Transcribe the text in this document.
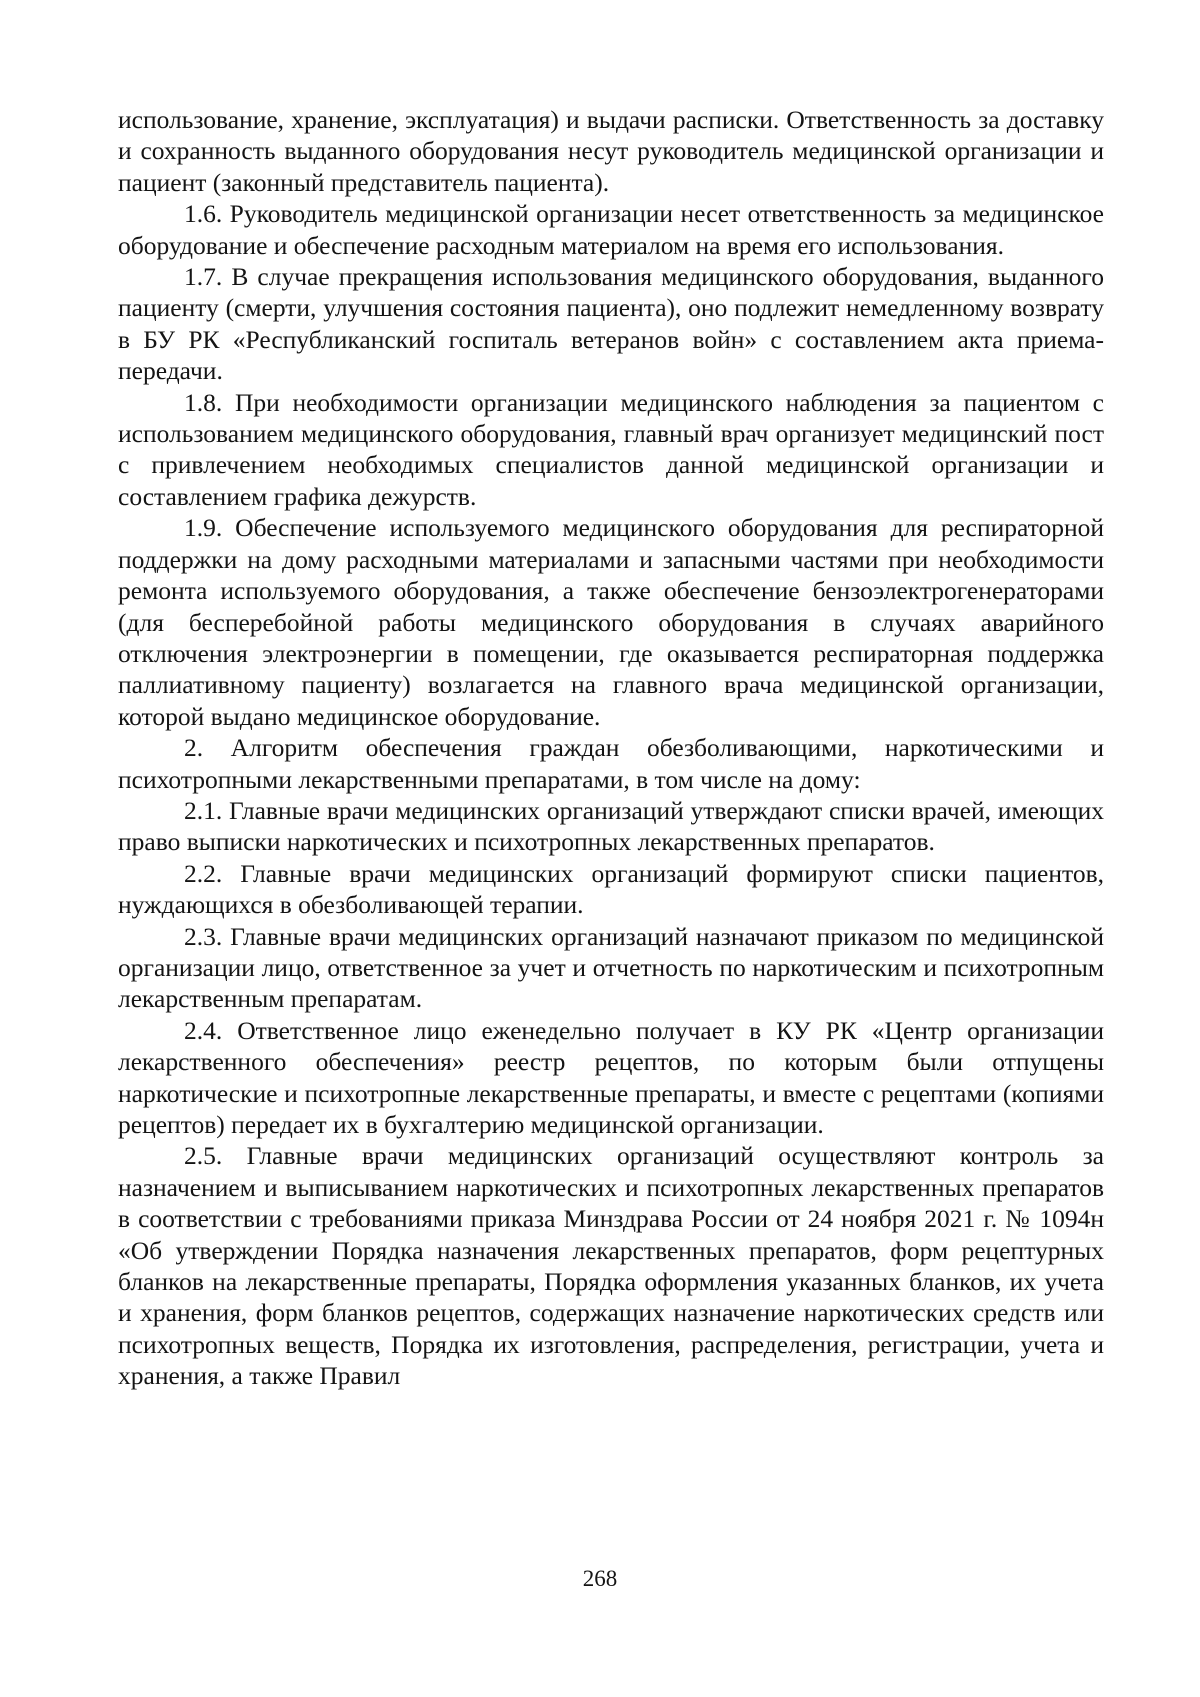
использование, хранение, эксплуатация) и выдачи расписки. Ответственность за доставку и сохранность выданного оборудования несут руководитель медицинской организации и пациент (законный представитель пациента).

1.6. Руководитель медицинской организации несет ответственность за медицинское оборудование и обеспечение расходным материалом на время его использования.

1.7. В случае прекращения использования медицинского оборудования, выданного пациенту (смерти, улучшения состояния пациента), оно подлежит немедленному возврату в БУ РК «Республиканский госпиталь ветеранов войн» с составлением акта приема-передачи.

1.8. При необходимости организации медицинского наблюдения за пациентом с использованием медицинского оборудования, главный врач организует медицинский пост с привлечением необходимых специалистов данной медицинской организации и составлением графика дежурств.

1.9. Обеспечение используемого медицинского оборудования для респираторной поддержки на дому расходными материалами и запасными частями при необходимости ремонта используемого оборудования, а также обеспечение бензоэлектрогенераторами (для бесперебойной работы медицинского оборудования в случаях аварийного отключения электроэнергии в помещении, где оказывается респираторная поддержка паллиативному пациенту) возлагается на главного врача медицинской организации, которой выдано медицинское оборудование.

2. Алгоритм обеспечения граждан обезболивающими, наркотическими и психотропными лекарственными препаратами, в том числе на дому:

2.1. Главные врачи медицинских организаций утверждают списки врачей, имеющих право выписки наркотических и психотропных лекарственных препаратов.

2.2. Главные врачи медицинских организаций формируют списки пациентов, нуждающихся в обезболивающей терапии.

2.3. Главные врачи медицинских организаций назначают приказом по медицинской организации лицо, ответственное за учет и отчетность по наркотическим и психотропным лекарственным препаратам.

2.4. Ответственное лицо еженедельно получает в КУ РК «Центр организации лекарственного обеспечения» реестр рецептов, по которым были отпущены наркотические и психотропные лекарственные препараты, и вместе с рецептами (копиями рецептов) передает их в бухгалтерию медицинской организации.

2.5. Главные врачи медицинских организаций осуществляют контроль за назначением и выписыванием наркотических и психотропных лекарственных препаратов в соответствии с требованиями приказа Минздрава России от 24 ноября 2021 г. № 1094н «Об утверждении Порядка назначения лекарственных препаратов, форм рецептурных бланков на лекарственные препараты, Порядка оформления указанных бланков, их учета и хранения, форм бланков рецептов, содержащих назначение наркотических средств или психотропных веществ, Порядка их изготовления, распределения, регистрации, учета и хранения, а также Правил

268
